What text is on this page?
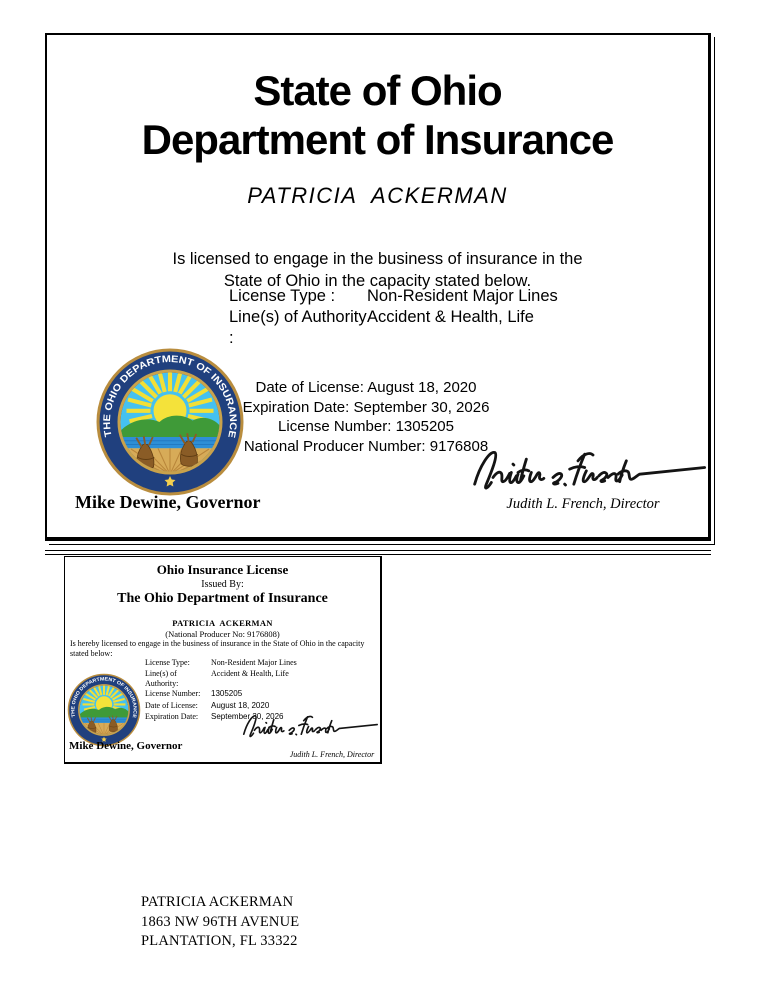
State of Ohio
Department of Insurance
PATRICIA  ACKERMAN
Is licensed to engage in the business of insurance in the
State of Ohio in the capacity stated below.
License Type :	Non-Resident Major Lines
Line(s) of Authority :
Accident & Health, Life
Date of License: August 18, 2020
Expiration Date: September 30, 2026
License Number: 1305205
National Producer Number: 9176808
Judith L. French, Director
Mike Dewine, Governor
Ohio Insurance License
Issued By:
The Ohio Department of Insurance
PATRICIA  ACKERMAN
(National Producer No: 9176808)
Is hereby licensed to engage in the business of insurance in the State of Ohio in the capacity stated below:
License Type:	Non-Resident Major Lines
Line(s) of Authority:
Accident & Health, Life
License Number:	1305205
Date of License:	August 18, 2020
Expiration Date:	September 30, 2026
Mike Dewine, Governor
Judith L. French, Director
PATRICIA ACKERMAN
1863 NW 96TH AVENUE
PLANTATION, FL 33322
